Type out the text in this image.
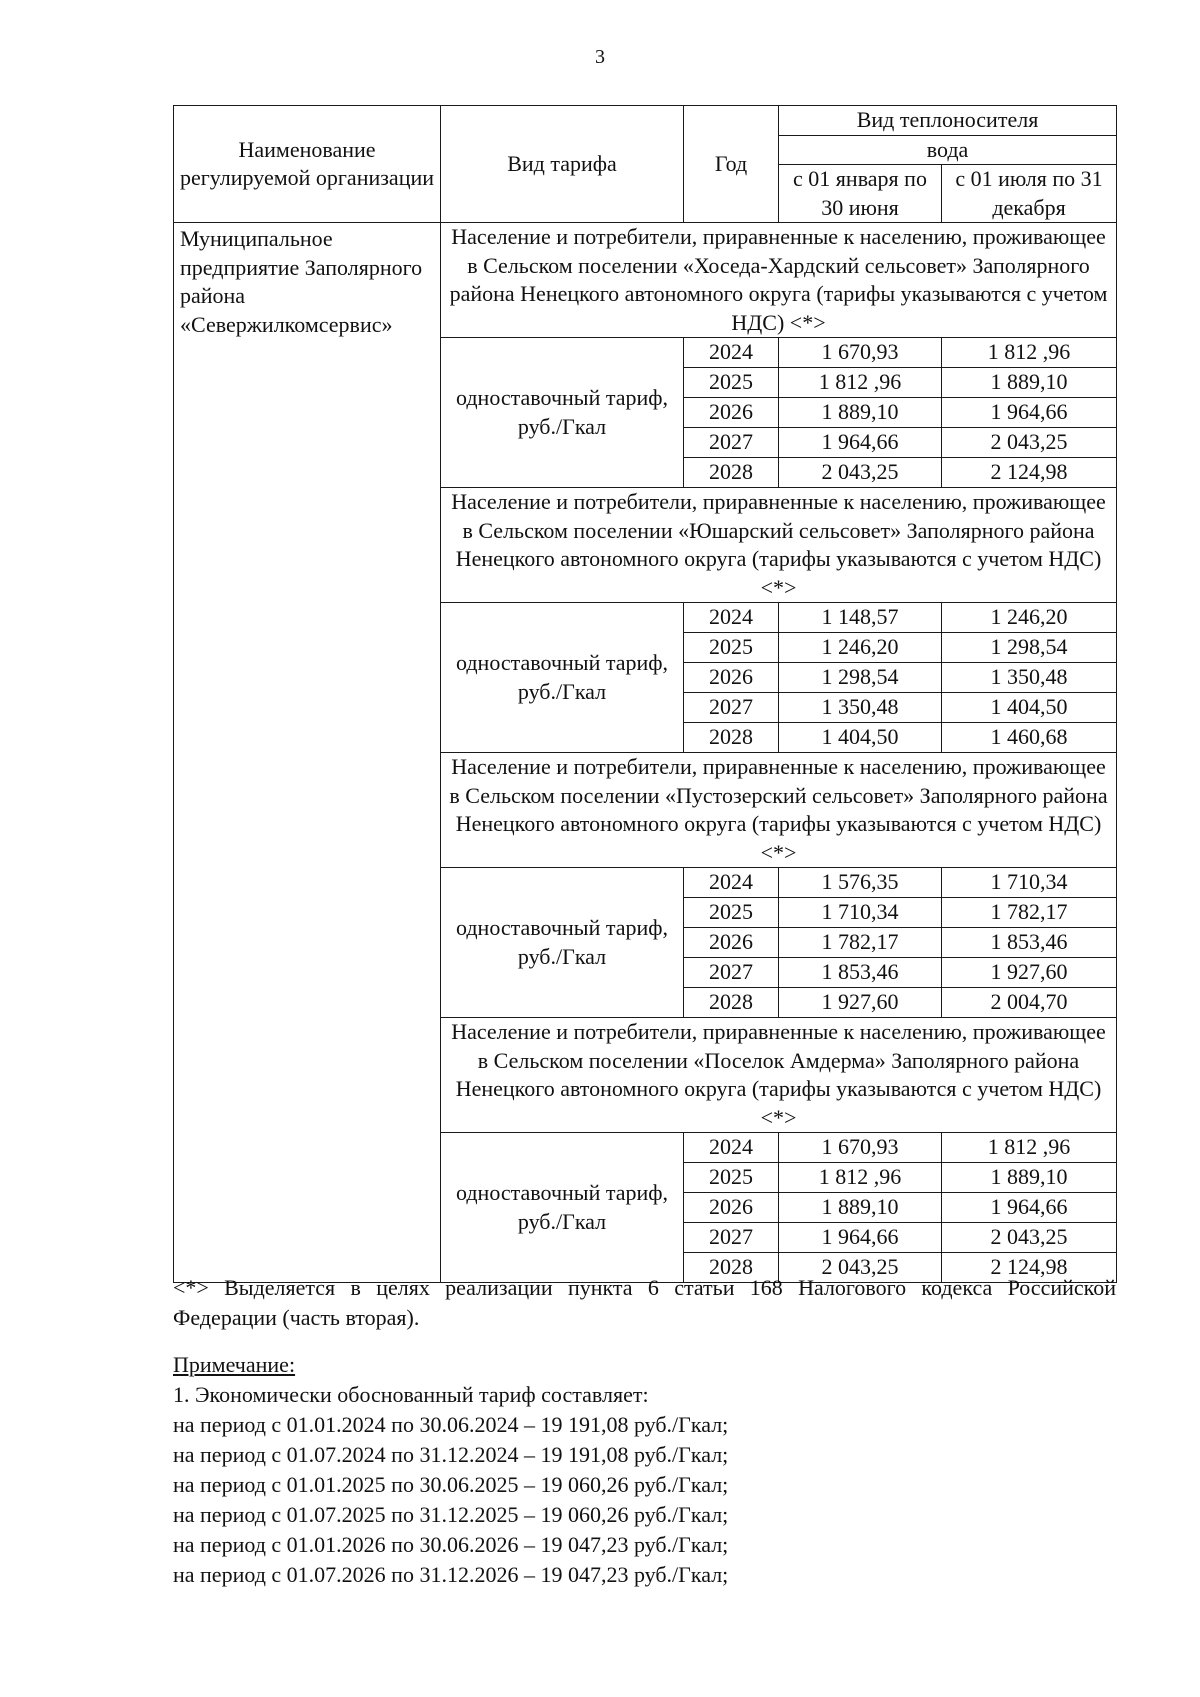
3
Наименование регулируемой организации	Вид тарифа	Год	Вид теплоносителя	
			вода	
			с 01 января по 30 июня	с 01 июля по 31 декабря
Муниципальное предприятие Заполярного района «Севержилкомсервис»	Население и потребители, приравненные к населению, проживающее в Сельском поселении «Хоседа-Хардский сельсовет» Заполярного района Ненецкого автономного округа (тарифы указываются с учетом НДС) <*>			
	одноставочный тариф, руб./Гкал	2024	1 670,93	1 812 ,96
		2025	1 812 ,96	1 889,10
		2026	1 889,10	1 964,66
		2027	1 964,66	2 043,25
		2028	2 043,25	2 124,98
	Население и потребители, приравненные к населению, проживающее в Сельском поселении «Юшарский сельсовет» Заполярного района Ненецкого автономного округа (тарифы указываются с учетом НДС) <*>			
	одноставочный тариф, руб./Гкал	2024	1 148,57	1 246,20
		2025	1 246,20	1 298,54
		2026	1 298,54	1 350,48
		2027	1 350,48	1 404,50
		2028	1 404,50	1 460,68
	Население и потребители, приравненные к населению, проживающее в Сельском поселении «Пустозерский сельсовет» Заполярного района Ненецкого автономного округа (тарифы указываются с учетом НДС) <*>			
	одноставочный тариф, руб./Гкал	2024	1 576,35	1 710,34
		2025	1 710,34	1 782,17
		2026	1 782,17	1 853,46
		2027	1 853,46	1 927,60
		2028	1 927,60	2 004,70
	Население и потребители, приравненные к населению, проживающее в Сельском поселении «Поселок Амдерма» Заполярного района Ненецкого автономного округа (тарифы указываются с учетом НДС) <*>			
	одноставочный тариф, руб./Гкал	2024	1 670,93	1 812 ,96
		2025	1 812 ,96	1 889,10
		2026	1 889,10	1 964,66
		2027	1 964,66	2 043,25
		2028	2 043,25	2 124,98
<*> Выделяется в целях реализации пункта 6 статьи 168 Налогового кодекса Российской Федерации (часть вторая).
Примечание:
1. Экономически обоснованный тариф составляет:
на период с 01.01.2024 по 30.06.2024 – 19 191,08 руб./Гкал;
на период с 01.07.2024 по 31.12.2024 – 19 191,08 руб./Гкал;
на период с 01.01.2025 по 30.06.2025 – 19 060,26 руб./Гкал;
на период с 01.07.2025 по 31.12.2025 – 19 060,26 руб./Гкал;
на период с 01.01.2026 по 30.06.2026 – 19 047,23 руб./Гкал;
на период с 01.07.2026 по 31.12.2026 – 19 047,23 руб./Гкал;
